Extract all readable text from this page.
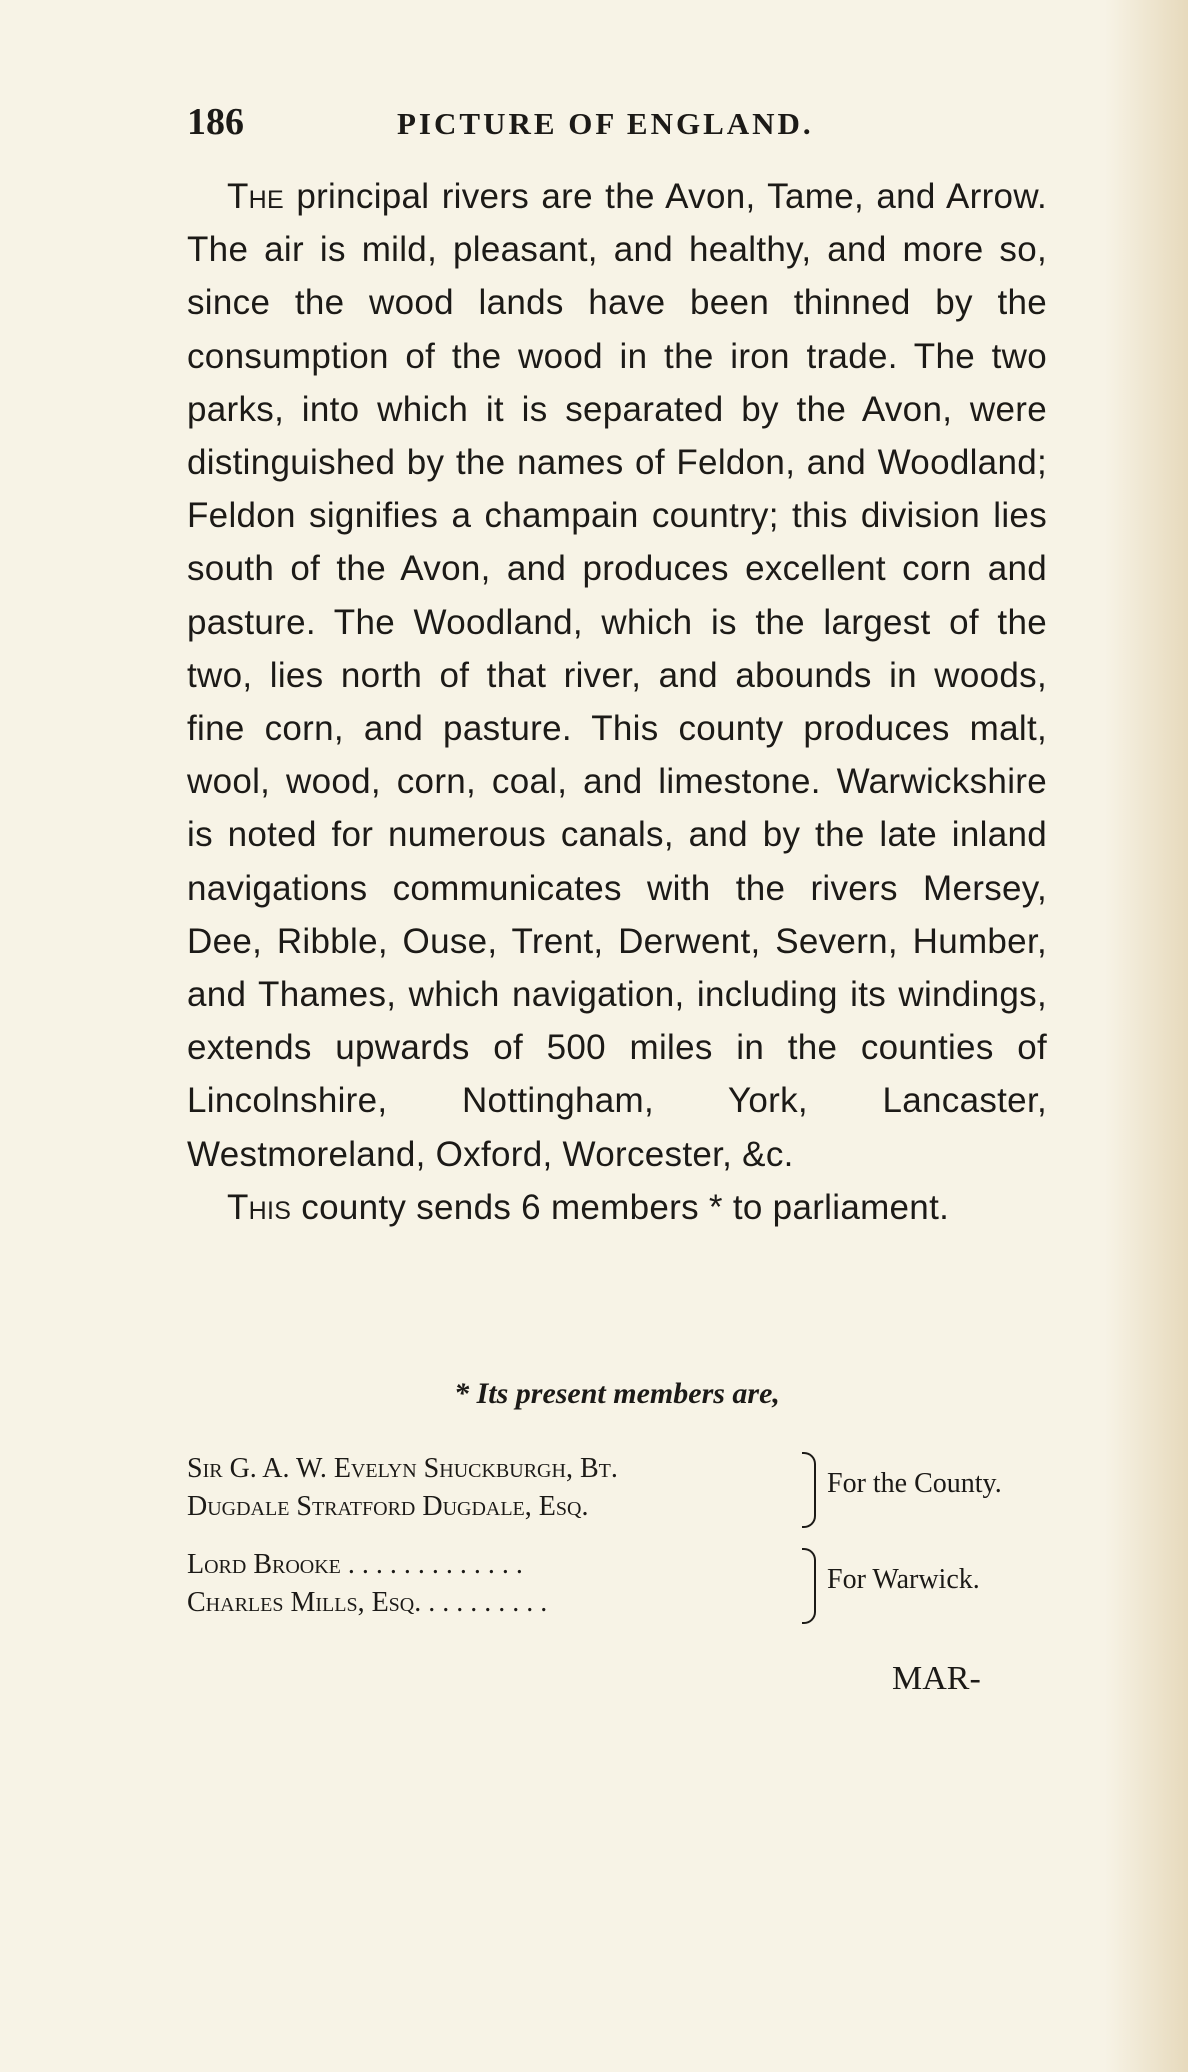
186	PICTURE OF ENGLAND.

The principal rivers are the Avon, Tame, and Arrow. The air is mild, pleasant, and healthy, and more so, since the wood lands have been thinned by the consumption of the wood in the iron trade. The two parks, into which it is separated by the Avon, were distinguished by the names of Feldon, and Woodland; Feldon signifies a champain country; this division lies south of the Avon, and produces excellent corn and pasture. The Woodland, which is the largest of the two, lies north of that river, and abounds in woods, fine corn, and pasture. This county produces malt, wool, wood, corn, coal, and limestone. Warwickshire is noted for numerous canals, and by the late inland navigations communicates with the rivers Mersey, Dee, Ribble, Ouse, Trent, Derwent, Severn, Humber, and Thames, which navigation, including its windings, extends upwards of 500 miles in the counties of Lincolnshire, Nottingham, York, Lancaster, Westmoreland, Oxford, Worcester, &c.

This county sends 6 members * to parliament.

* Its present members are,
Sir G. A. W. Evelyn Shuckburgh, Bt.
Dugdale Stratford Dugdale, Esq.
For the County.
Lord Brooke . . . . . . . . . . . . .
Charles Mills, Esq. . . . . . . . . .
For Warwick.
MAR-
